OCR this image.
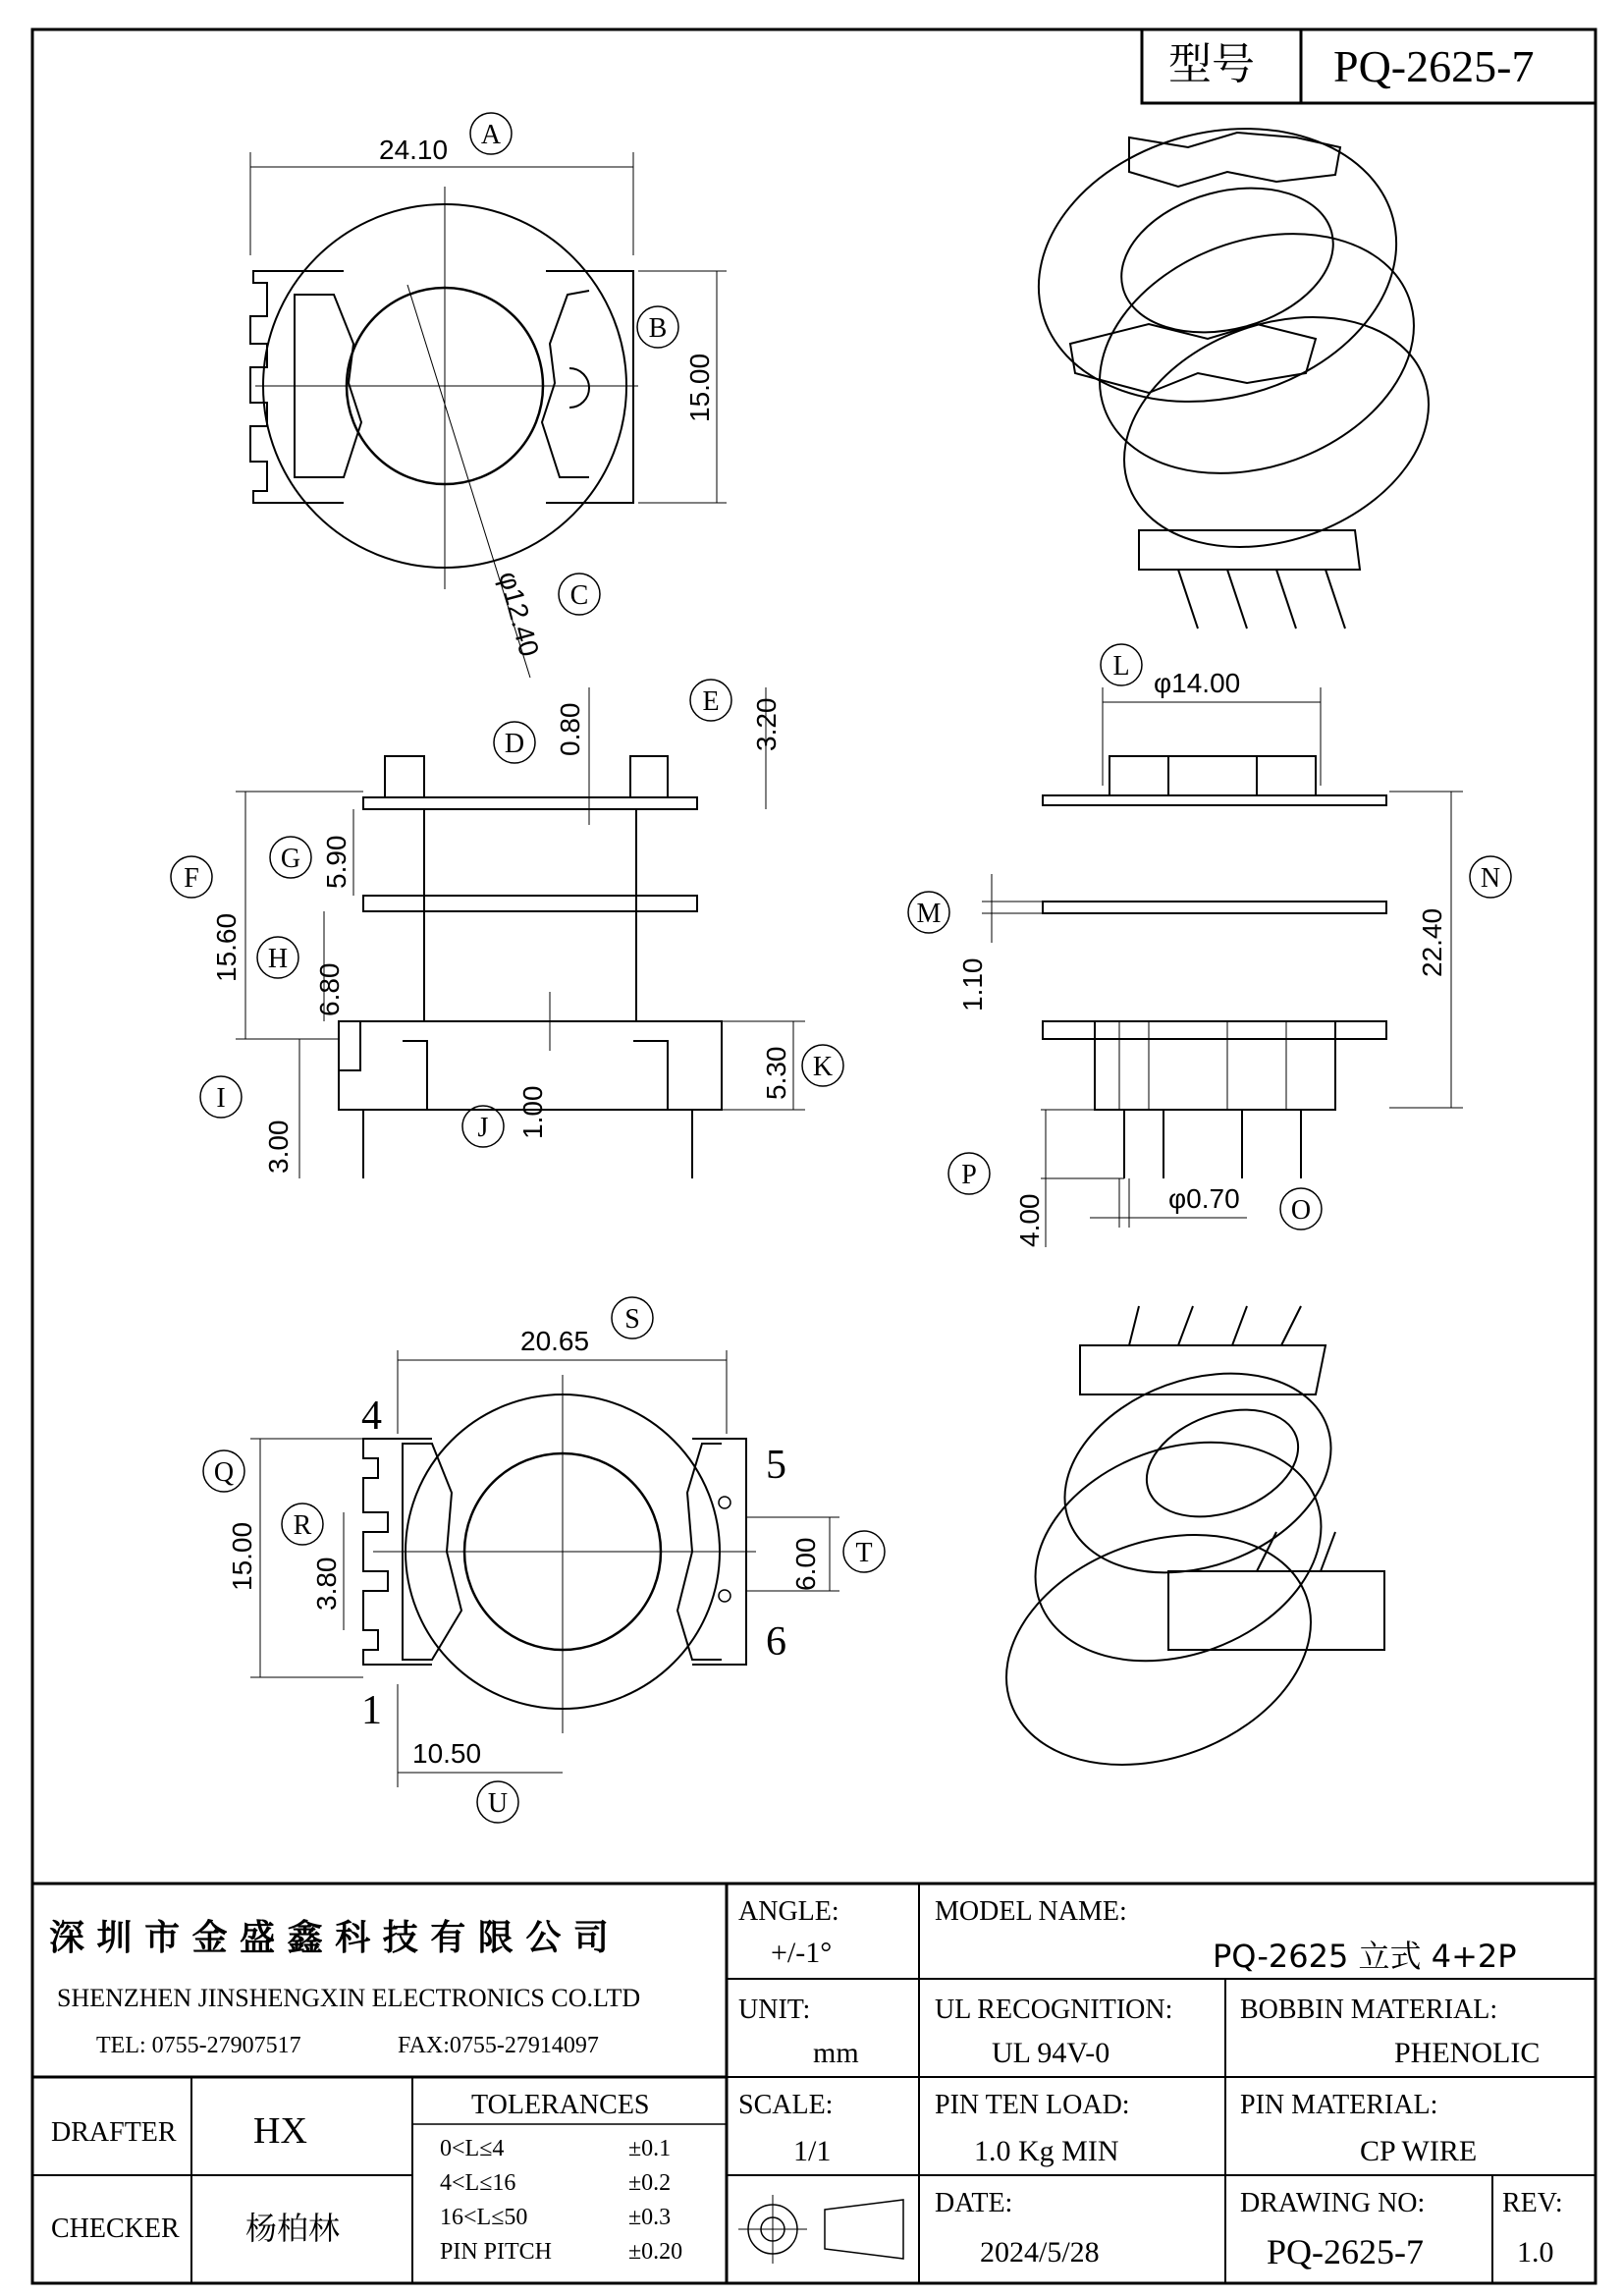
型号 PQ-2625-7
24.10
15.00
φ12.40
0.80	3.20
15.60
5.90
6.80
3.00
1.00
5.30
φ14.00
1.10
22.40
φ0.70
4.00
20.65
15.00 3.80	6.00
10.50
A
B
C
D
E
F
G
H
I
J
K
L
M
N
O
P
Q
R
S
T
U
4
1
5
6
深 圳 市 金 盛 鑫 科 技 有 限 公 司
SHENZHEN JINSHENGXIN ELECTRONICS CO.LTD
TEL: 0755-27907517	FAX:0755-27914097
DRAFTER HX
CHECKER 杨柏林
TOLERANCES
0<L≤4	±0.1
4<L≤16	±0.2
16<L≤50	±0.3
PIN PITCH	±0.20
ANGLE:
+/-1°
UNIT:
mm
SCALE:
1/1
MODEL NAME:
PQ-2625 立式 4+2P
UL RECOGNITION:
UL 94V-0
BOBBIN MATERIAL:
PHENOLIC
PIN TEN LOAD:
1.0 Kg MIN
PIN MATERIAL:
CP WIRE
DATE:
2024/5/28
DRAWING NO:
PQ-2625-7
REV:
1.0
